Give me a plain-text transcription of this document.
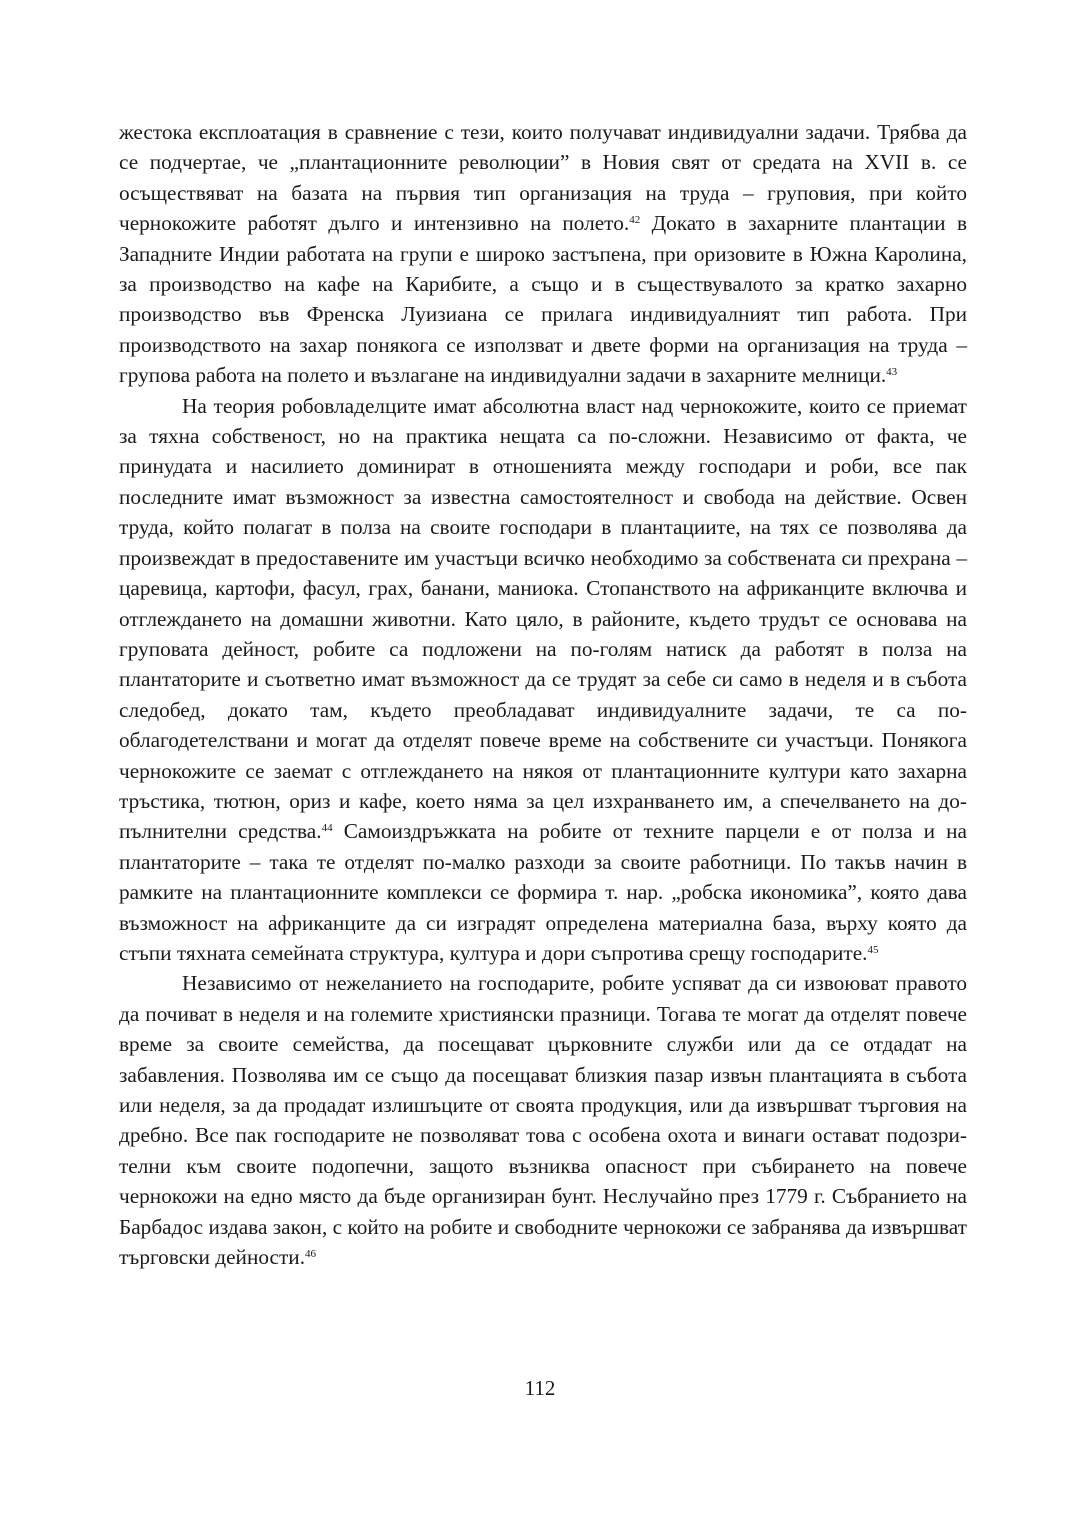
жестока експлоатация в сравнение с тези, които получават индивидуални задачи. Трябва да се подчертае, че „плантационните революции” в Новия свят от средата на XVII в. се осъществяват на базата на първия тип организация на труда – груповия, при който чернокожите работят дълго и интензивно на полето.$^{42}$ Докато в захарните плантации в Западните Индии работата на групи е широко застъпена, при оризовите в Южна Каролина, за производство на кафе на Карибите, а също и в съществувалото за кратко захарно производство във Френска Луизиана се прилага индивидуалният тип работа. При производството на захар понякога се използват и двете форми на организация на труда – групова работа на полето и възлагане на индивидуални задачи в захарните мелници.$^{43}$

На теория робовладелците имат абсолютна власт над чернокожите, които се приемат за тяхна собственост, но на практика нещата са по-сложни. Независимо от факта, че принудата и насилието доминират в отношенията между господари и роби, все пак последните имат възможност за известна самостоятелност и свобода на действие. Освен труда, който полагат в полза на своите господари в плантациите, на тях се позволява да произвеждат в предоставените им участъци всичко необходимо за собствената си прехрана – царевица, картофи, фасул, грах, банани, маниока. Стопанството на африканците включва и отглеждането на домашни животни. Като цяло, в районите, където трудът се основава на груповата дейност, робите са подложени на по-голям натиск да работят в полза на плантаторите и съответно имат възможност да се трудят за себе си само в неделя и в събота следобед, докато там, където преобладават индивидуалните задачи, те са по-облагодетелствани и могат да отделят повече време на собствените си участъци. Понякога чернокожите се заемат с отглеждането на някоя от плантационните култури като захарна тръстика, тютюн, ориз и кафе, което няма за цел изхранването им, а спечелването на допълнителни средства.$^{44}$ Самоиздръжката на робите от техните парцели е от полза и на плантаторите – така те отделят по-малко разходи за своите работници. По такъв начин в рамките на плантационните комплекси се формира т. нар. „робска икономика”, която дава възможност на африканците да си изградят определена материална база, върху която да стъпи тяхната семейната структура, култура и дори съпротива срещу господарите.$^{45}$

Независимо от нежеланието на господарите, робите успяват да си извоюват правото да почиват в неделя и на големите християнски празници. Тогава те могат да отделят повече време за своите семейства, да посещават църковните служби или да се отдадат на забавления. Позволява им се също да посещават близкия пазар извън плантацията в събота или неделя, за да продадат излишъците от своята продукция, или да извършват търговия на дребно. Все пак господарите не позволяват това с особена охота и винаги остават подозрителни към своите подопечни, защото възниква опасност при събирането на повече чернокожи на едно място да бъде организиран бунт. Неслучайно през 1779 г. Събранието на Барбадос издава закон, с който на робите и свободните чернокожи се забранява да извършват търговски дейности.$^{46}$

112
